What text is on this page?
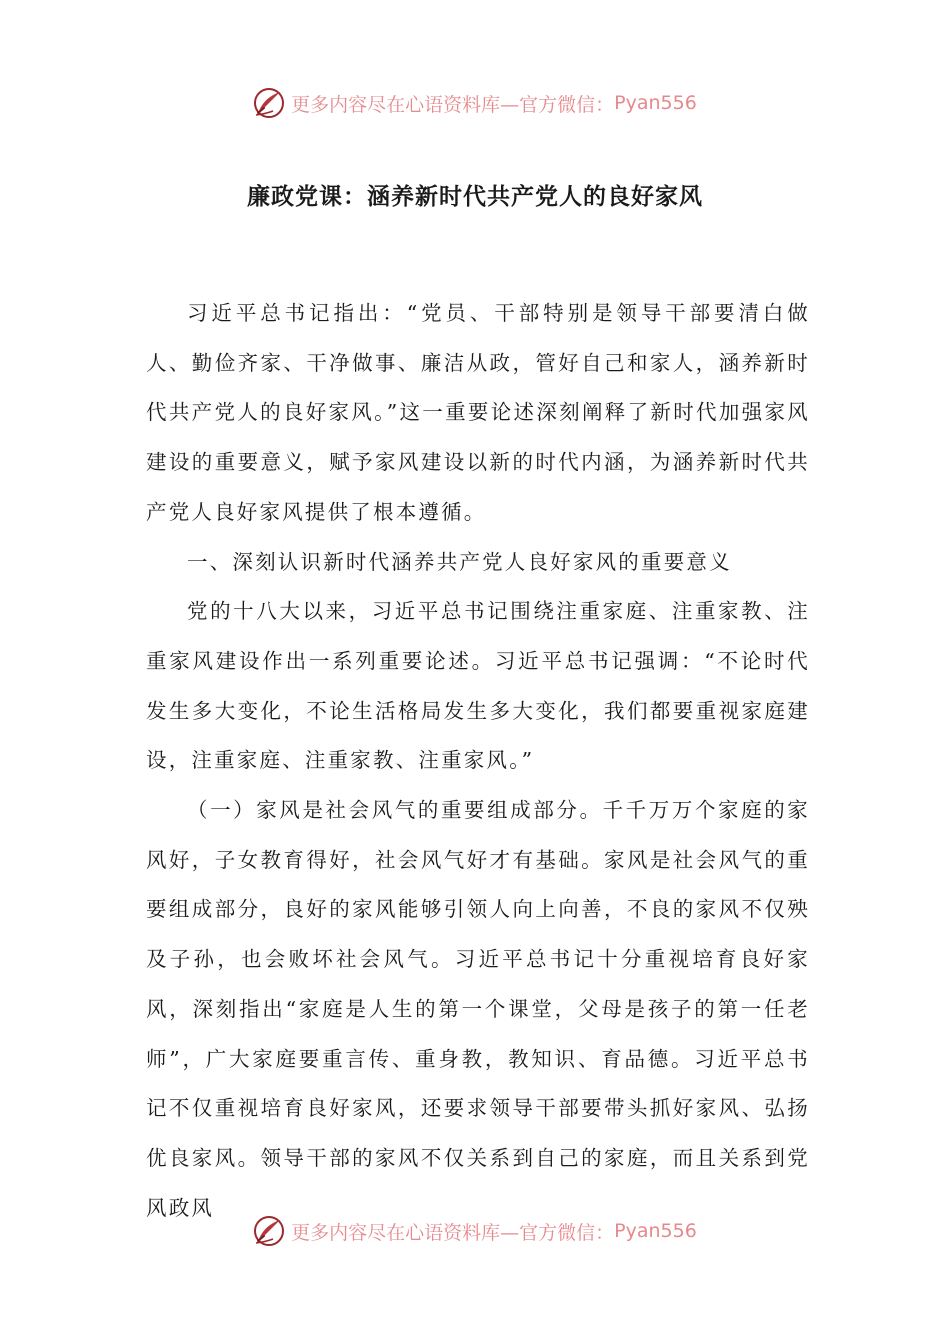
更多内容尽在心语资料库—官方微信： Pyan556
廉政党课：涵养新时代共产党人的良好家风

习近平总书记指出：“党员、干部特别是领导干部要清白做人、勤俭齐家、干净做事、廉洁从政，管好自己和家人，涵养新时代共产党人的良好家风。”这一重要论述深刻阐释了新时代加强家风建设的重要意义，赋予家风建设以新的时代内涵，为涵养新时代共产党人良好家风提供了根本遵循。

一、深刻认识新时代涵养共产党人良好家风的重要意义

党的十八大以来，习近平总书记围绕注重家庭、注重家教、注重家风建设作出一系列重要论述。习近平总书记强调：“不论时代发生多大变化，不论生活格局发生多大变化，我们都要重视家庭建设，注重家庭、注重家教、注重家风。”

（一）家风是社会风气的重要组成部分。千千万万个家庭的家风好，子女教育得好，社会风气好才有基础。家风是社会风气的重要组成部分，良好的家风能够引领人向上向善，不良的家风不仅殃及子孙，也会败坏社会风气。习近平总书记十分重视培育良好家风，深刻指出“家庭是人生的第一个课堂，父母是孩子的第一任老师”，广大家庭要重言传、重身教，教知识、育品德。习近平总书记不仅重视培育良好家风，还要求领导干部要带头抓好家风、弘扬优良家风。领导干部的家风不仅关系到自己的家庭，而且关系到党风政风

更多内容尽在心语资料库—官方微信： Pyan556
